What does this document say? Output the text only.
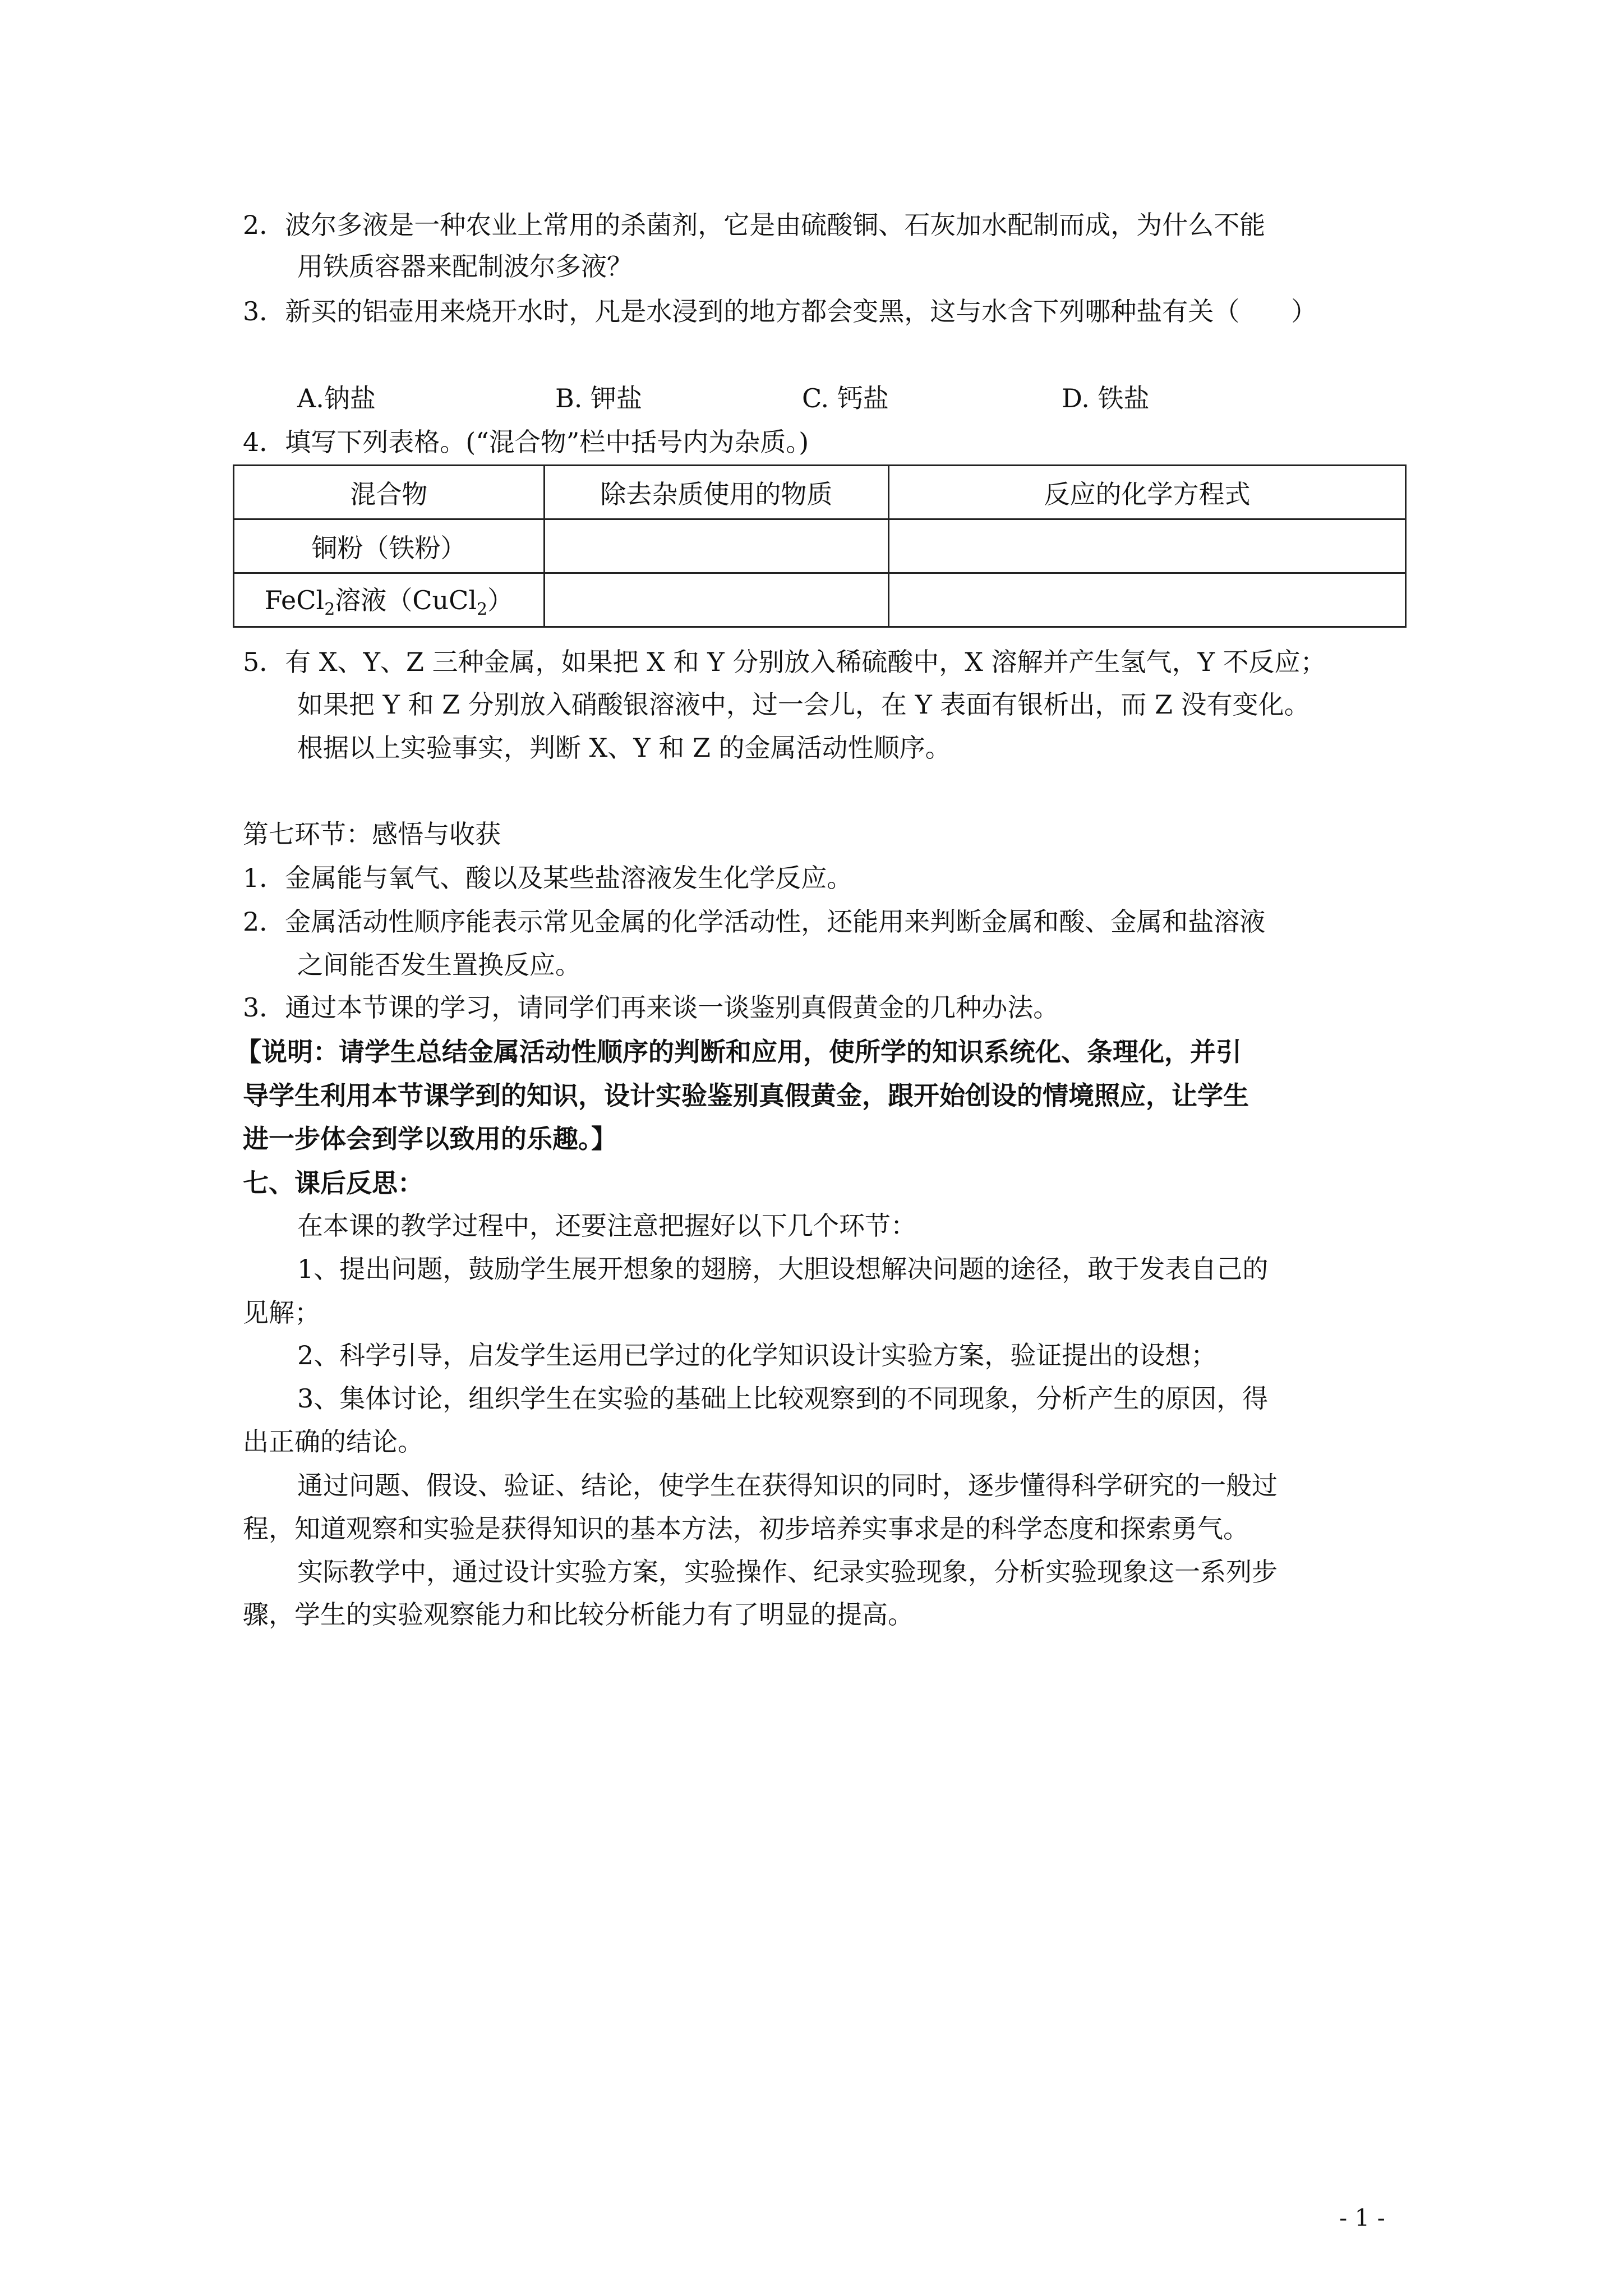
2．波尔多液是一种农业上常用的杀菌剂，它是由硫酸铜、石灰加水配制而成，为什么不能
用铁质容器来配制波尔多液？
3．新买的铝壶用来烧开水时，凡是水浸到的地方都会变黑，这与水含下列哪种盐有关（　　）
A.钠盐	B. 钾盐	C. 钙盐	D. 铁盐
4．填写下列表格。(“混合物”栏中括号内为杂质。)
混合物	除去杂质使用的物质	反应的化学方程式
铜粉（铁粉）		
FeCl$_2$溶液（CuCl$_2$）		
5．有 X、Y、Z 三种金属，如果把 X 和 Y 分别放入稀硫酸中，X 溶解并产生氢气，Y 不反应；
如果把 Y 和 Z 分别放入硝酸银溶液中，过一会儿，在 Y 表面有银析出，而 Z 没有变化。
根据以上实验事实，判断 X、Y 和 Z 的金属活动性顺序。
第七环节：感悟与收获
1．金属能与氧气、酸以及某些盐溶液发生化学反应。
2．金属活动性顺序能表示常见金属的化学活动性，还能用来判断金属和酸、金属和盐溶液
之间能否发生置换反应。
3．通过本节课的学习，请同学们再来谈一谈鉴别真假黄金的几种办法。
【说明：请学生总结金属活动性顺序的判断和应用，使所学的知识系统化、条理化，并引
导学生利用本节课学到的知识，设计实验鉴别真假黄金，跟开始创设的情境照应，让学生
进一步体会到学以致用的乐趣。】
七、课后反思：
在本课的教学过程中，还要注意把握好以下几个环节：
1、提出问题，鼓励学生展开想象的翅膀，大胆设想解决问题的途径，敢于发表自己的
见解；
2、科学引导，启发学生运用已学过的化学知识设计实验方案，验证提出的设想；
3、集体讨论，组织学生在实验的基础上比较观察到的不同现象，分析产生的原因，得
出正确的结论。
通过问题、假设、验证、结论，使学生在获得知识的同时，逐步懂得科学研究的一般过
程，知道观察和实验是获得知识的基本方法，初步培养实事求是的科学态度和探索勇气。
实际教学中，通过设计实验方案，实验操作、纪录实验现象，分析实验现象这一系列步
骤，学生的实验观察能力和比较分析能力有了明显的提高。
- 1 -
